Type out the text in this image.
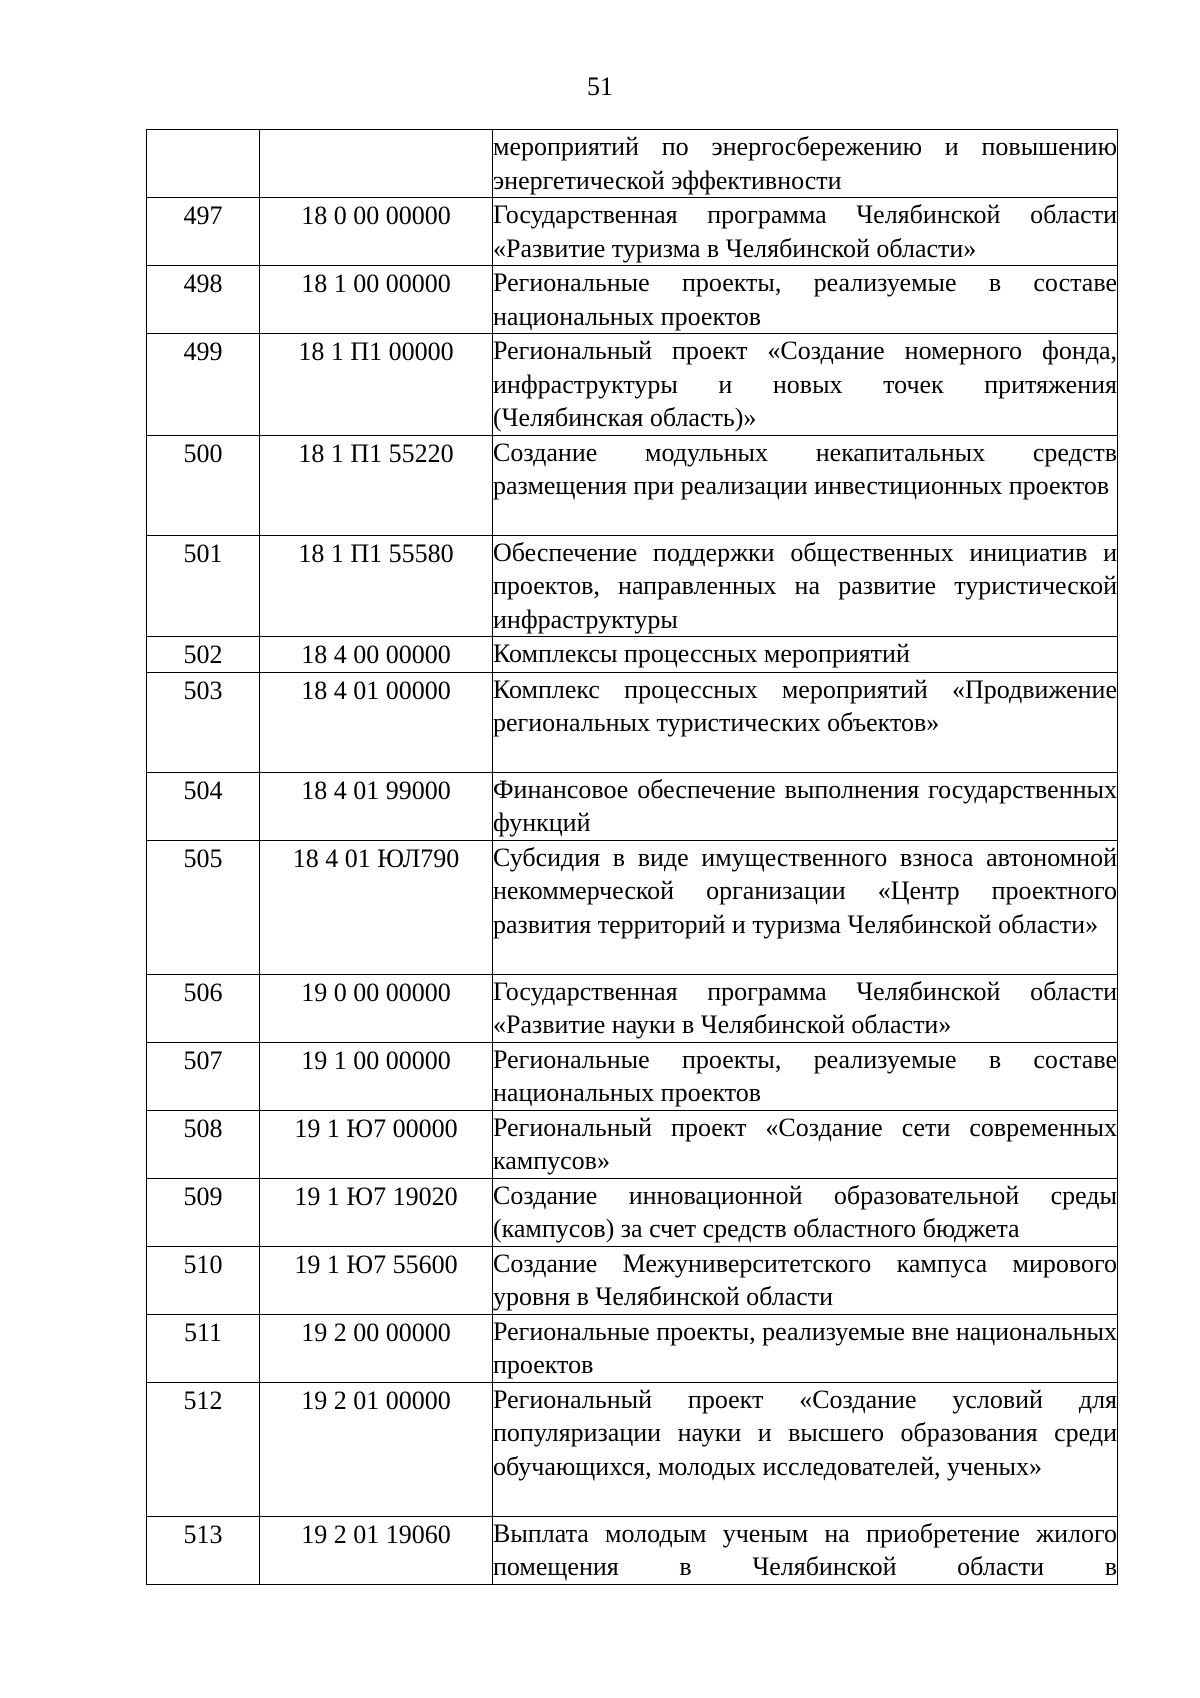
51

		мероприятий по энергосбережению и повышению энергетической эффективности

497	18 0 00 00000	Государственная программа Челябинской области «Развитие туризма в Челябинской области»

498	18 1 00 00000	Региональные проекты, реализуемые в составе национальных проектов

499	18 1 П1 00000	Региональный проект «Создание номерного фонда, инфраструктуры и новых точек притяжения (Челябинская область)»

500	18 1 П1 55220	Создание модульных некапитальных средств размещения при реализации инвестиционных проектов

501	18 1 П1 55580	Обеспечение поддержки общественных инициатив и проектов, направленных на развитие туристической инфраструктуры

502	18 4 00 00000	Комплексы процессных мероприятий

503	18 4 01 00000	Комплекс процессных мероприятий «Продвижение региональных туристических объектов»

504	18 4 01 99000	Финансовое обеспечение выполнения государственных функций

505	18 4 01 ЮЛ790	Субсидия в виде имущественного взноса автономной некоммерческой организации «Центр проектного развития территорий и туризма Челябинской области»

506	19 0 00 00000	Государственная программа Челябинской области «Развитие науки в Челябинской области»

507	19 1 00 00000	Региональные проекты, реализуемые в составе национальных проектов

508	19 1 Ю7 00000	Региональный проект «Создание сети современных кампусов»

509	19 1 Ю7 19020	Создание инновационной образовательной среды (кампусов) за счет средств областного бюджета

510	19 1 Ю7 55600	Создание Межуниверситетского кампуса мирового уровня в Челябинской области

511	19 2 00 00000	Региональные проекты, реализуемые вне национальных проектов

512	19 2 01 00000	Региональный проект «Создание условий для популяризации науки и высшего образования среди обучающихся, молодых исследователей, ученых»

513	19 2 01 19060	Выплата молодым ученым на приобретение жилого помещения в Челябинской области в
